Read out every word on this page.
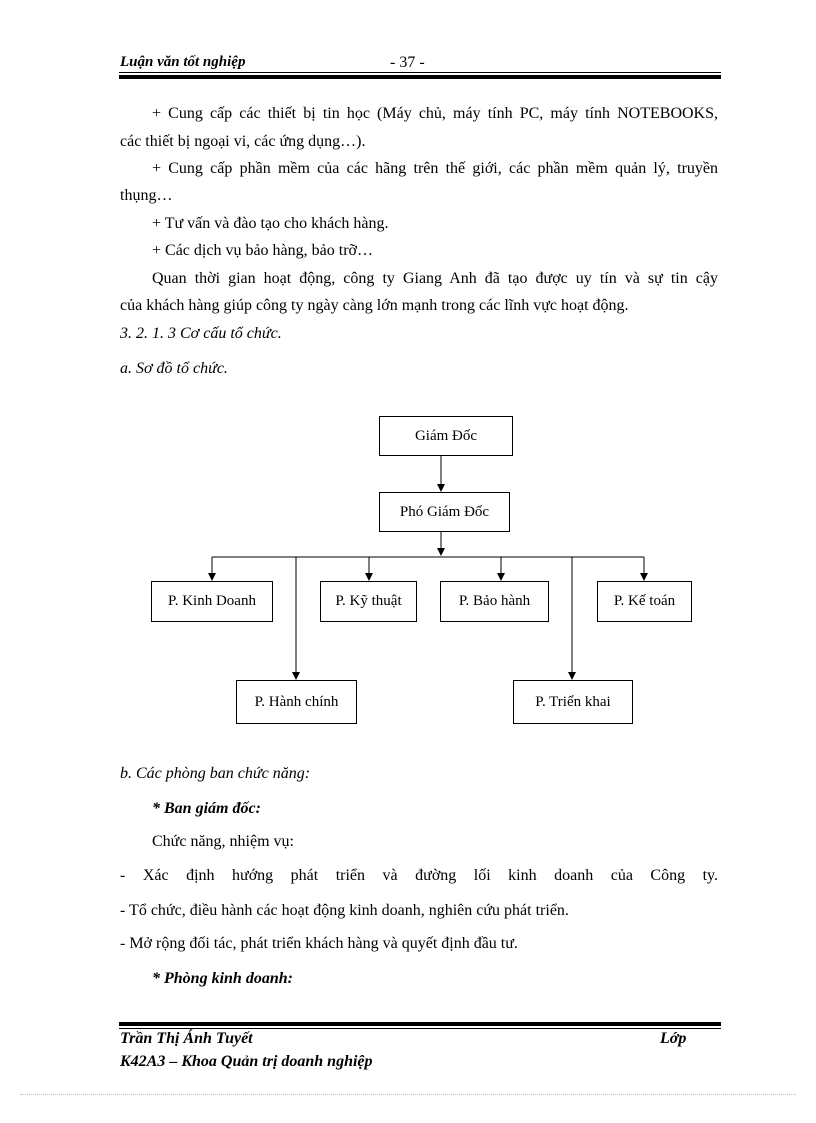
Luận văn tốt nghiệp	- 37 -
+ Cung cấp các thiết bị tin học (Máy chủ, máy tính PC, máy tính NOTEBOOKS,
các thiết bị ngoại vi, các ứng dụng…).
+ Cung cấp phần mềm của các hãng trên thế giới, các phần mềm quản lý, truyền
thụng…
+ Tư vấn và đào tạo cho khách hàng.
+ Các dịch vụ bảo hàng, bảo trỡ…
Quan thời gian hoạt động, công ty Giang Anh đã tạo được uy tín và sự tin cậy
của khách hàng giúp công ty ngày càng lớn mạnh trong các lĩnh vực hoạt động.
3. 2. 1. 3 Cơ cấu tổ chức.
a. Sơ đồ tổ chức.
Giám Đốc
Phó Giám Đốc
P. Kinh Doanh	P. Kỹ thuật	P. Bảo hành	P. Kế toán
P. Hành chính	P. Triển khai
b. Các phòng ban chức năng:
* Ban giám đốc:
Chức năng, nhiệm vụ:
- Xác định hướng phát triển và đường lối kinh doanh của Công ty.
- Tổ chức, điều hành các hoạt động kinh doanh, nghiên cứu phát triển.
- Mở rộng đối tác, phát triển khách hàng và quyết định đầu tư.
* Phòng kinh doanh:
Trần Thị Ánh Tuyết	Lớp
K42A3 – Khoa Quản trị doanh nghiệp
